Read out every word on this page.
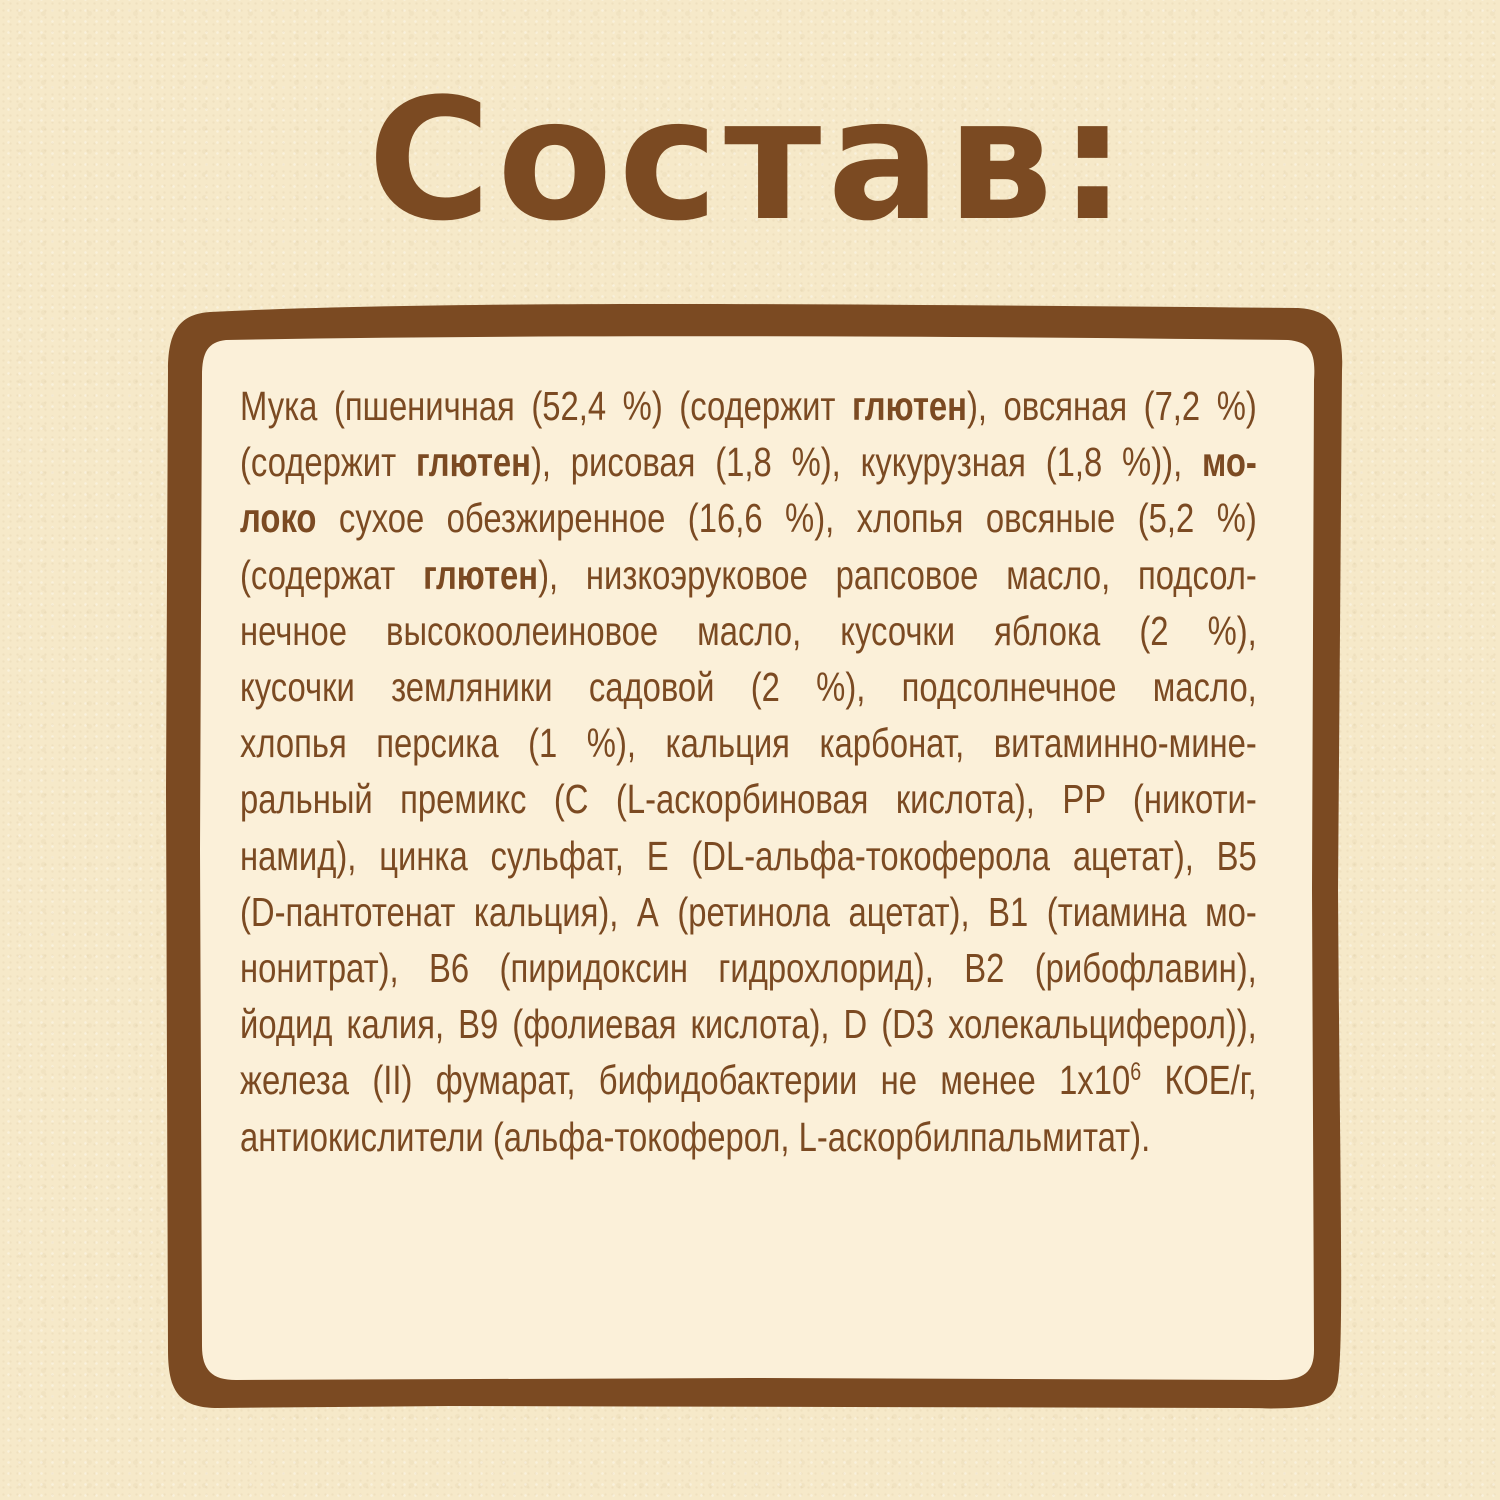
Состав:
Мука (пшеничная (52,4 %) (содержит глютен), овсяная (7,2 %)
(содержит глютен), рисовая (1,8 %), кукурузная (1,8 %)), мо-
локо сухое обезжиренное (16,6 %), хлопья овсяные (5,2 %)
(содержат глютен), низкоэруковое рапсовое масло, подсол-
нечное высокоолеиновое масло, кусочки яблока (2 %),
кусочки земляники садовой (2 %), подсолнечное масло,
хлопья персика (1 %), кальция карбонат, витаминно-мине-
ральный премикс (С (L-аскорбиновая кислота), PP (никоти-
намид), цинка сульфат, Е (DL-альфа-токоферола ацетат), В5
(D-пантотенат кальция), А (ретинола ацетат), В1 (тиамина мо-
нонитрат), В6 (пиридоксин гидрохлорид), В2 (рибофлавин),
йодид калия, В9 (фолиевая кислота), D (D3 холекальциферол)),
железа (II) фумарат, бифидобактерии не менее $1х10^6$ КОЕ/г,
антиокислители (альфа-токоферол, L-аскорбилпальмитат).
